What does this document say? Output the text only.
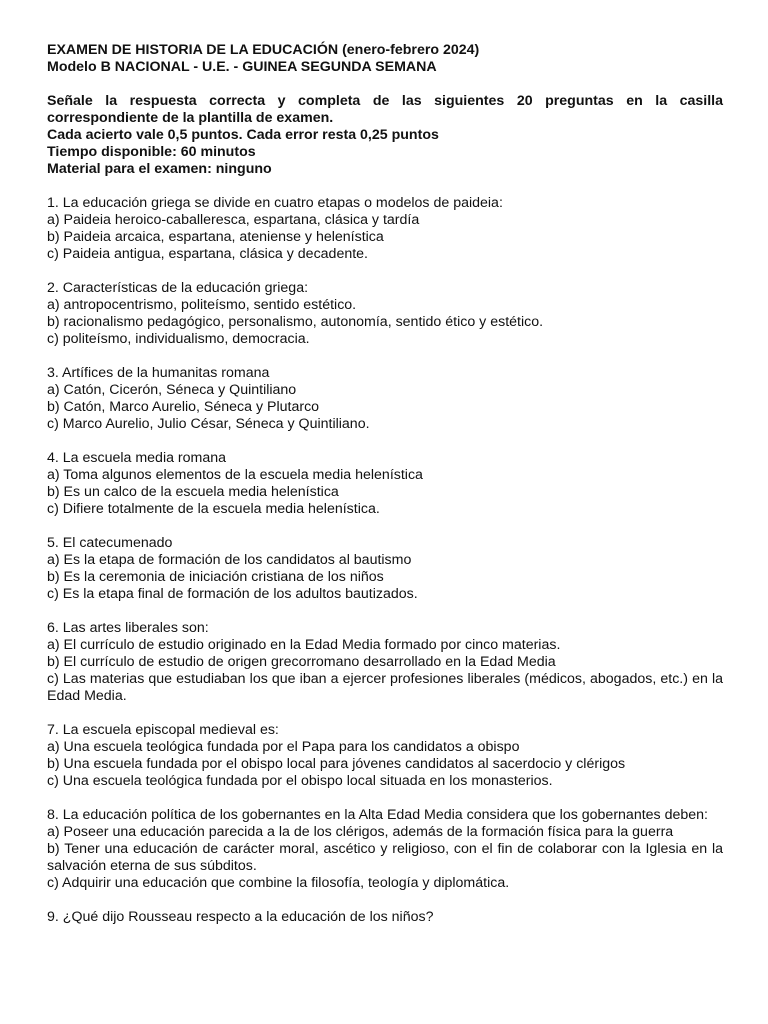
EXAMEN DE HISTORIA DE LA EDUCACIÓN (enero-febrero 2024)
Modelo B NACIONAL - U.E. - GUINEA SEGUNDA SEMANA
Señale la respuesta correcta y completa de las siguientes 20 preguntas en la casilla correspondiente de la plantilla de examen.
Cada acierto vale 0,5 puntos. Cada error resta 0,25 puntos
Tiempo disponible: 60 minutos
Material para el examen: ninguno
1. La educación griega se divide en cuatro etapas o modelos de paideia:
a) Paideia heroico-caballeresca, espartana, clásica y tardía
b) Paideia arcaica, espartana, ateniense y helenística
c) Paideia antigua, espartana, clásica y decadente.
2. Características de la educación griega:
a) antropocentrismo, politeísmo, sentido estético.
b) racionalismo pedagógico, personalismo, autonomía, sentido ético y estético.
c) politeísmo, individualismo, democracia.
3. Artífices de la humanitas romana
a) Catón, Cicerón, Séneca y Quintiliano
b) Catón, Marco Aurelio, Séneca y Plutarco
c) Marco Aurelio, Julio César, Séneca y Quintiliano.
4. La escuela media romana
a) Toma algunos elementos de la escuela media helenística
b) Es un calco de la escuela media helenística
c) Difiere totalmente de la escuela media helenística.
5. El catecumenado
a) Es la etapa de formación de los candidatos al bautismo
b) Es la ceremonia de iniciación cristiana de los niños
c) Es la etapa final de formación de los adultos bautizados.
6. Las artes liberales son:
a) El currículo de estudio originado en la Edad Media formado por cinco materias.
b) El currículo de estudio de origen grecorromano desarrollado en la Edad Media
c) Las materias que estudiaban los que iban a ejercer profesiones liberales (médicos, abogados, etc.) en la Edad Media.
7. La escuela episcopal medieval es:
a) Una escuela teológica fundada por el Papa para los candidatos a obispo
b) Una escuela fundada por el obispo local para jóvenes candidatos al sacerdocio y clérigos
c) Una escuela teológica fundada por el obispo local situada en los monasterios.
8. La educación política de los gobernantes en la Alta Edad Media considera que los gobernantes deben:
a) Poseer una educación parecida a la de los clérigos, además de la formación física para la guerra
b) Tener una educación de carácter moral, ascético y religioso, con el fin de colaborar con la Iglesia en la salvación eterna de sus súbditos.
c) Adquirir una educación que combine la filosofía, teología y diplomática.
9. ¿Qué dijo Rousseau respecto a la educación de los niños?
